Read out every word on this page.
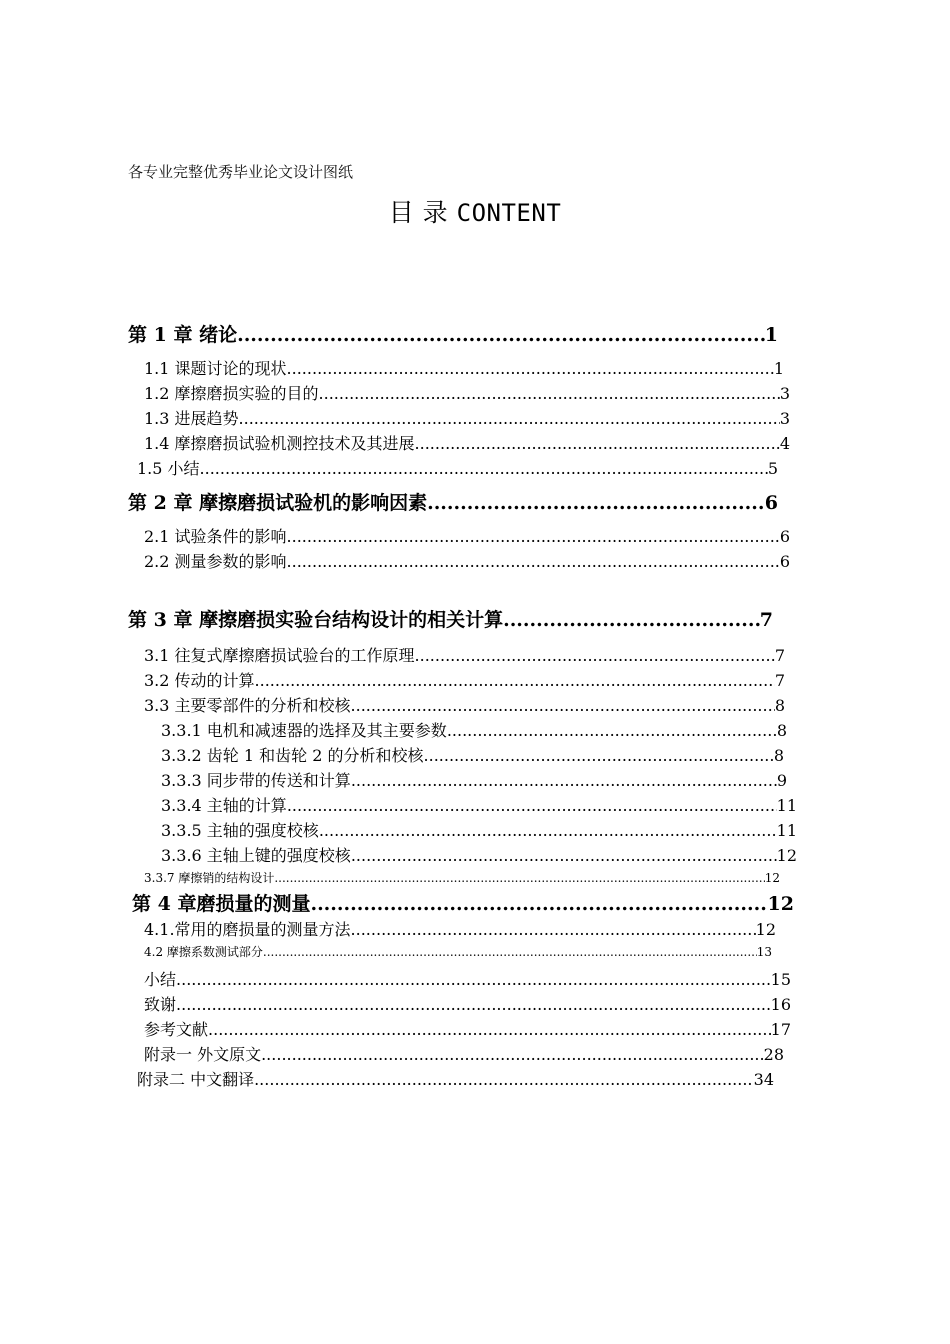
各专业完整优秀毕业论文设计图纸
目 录 CONTENT
第 1 章 绪论 .....	1
1.1 课题讨论的现状 .....	1
1.2 摩擦磨损实验的目的 .....	3
1.3 进展趋势 .....	3
1.4 摩擦磨损试验机测控技术及其进展 .....	4
1.5 小结 .....	5
第 2 章 摩擦磨损试验机的影响因素 .....	6
2.1 试验条件的影响 .....	6
2.2 测量参数的影响 .....	6
第 3 章 摩擦磨损实验台结构设计的相关计算 .....	7
3.1 往复式摩擦磨损试验台的工作原理 .....	7
3.2 传动的计算 .....	7
3.3 主要零部件的分析和校核 .....	8
3.3.1 电机和减速器的选择及其主要参数 .....	8
3.3.2 齿轮 1 和齿轮 2 的分析和校核 .....	8
3.3.3 同步带的传送和计算 .....	9
3.3.4 主轴的计算 .....	11
3.3.5 主轴的强度校核 .....	11
3.3.6 主轴上键的强度校核 .....	12
3.3.7 摩擦销的结构设计 .....	12
第 4 章磨损量的测量 .....	12
4.1.常用的磨损量的测量方法 .....	12
4.2 摩擦系数测试部分 .....	13
小结 .....	15
致谢 .....	16
参考文献 .....	17
附录一 外文原文 .....	28
附录二 中文翻译 .....	34
